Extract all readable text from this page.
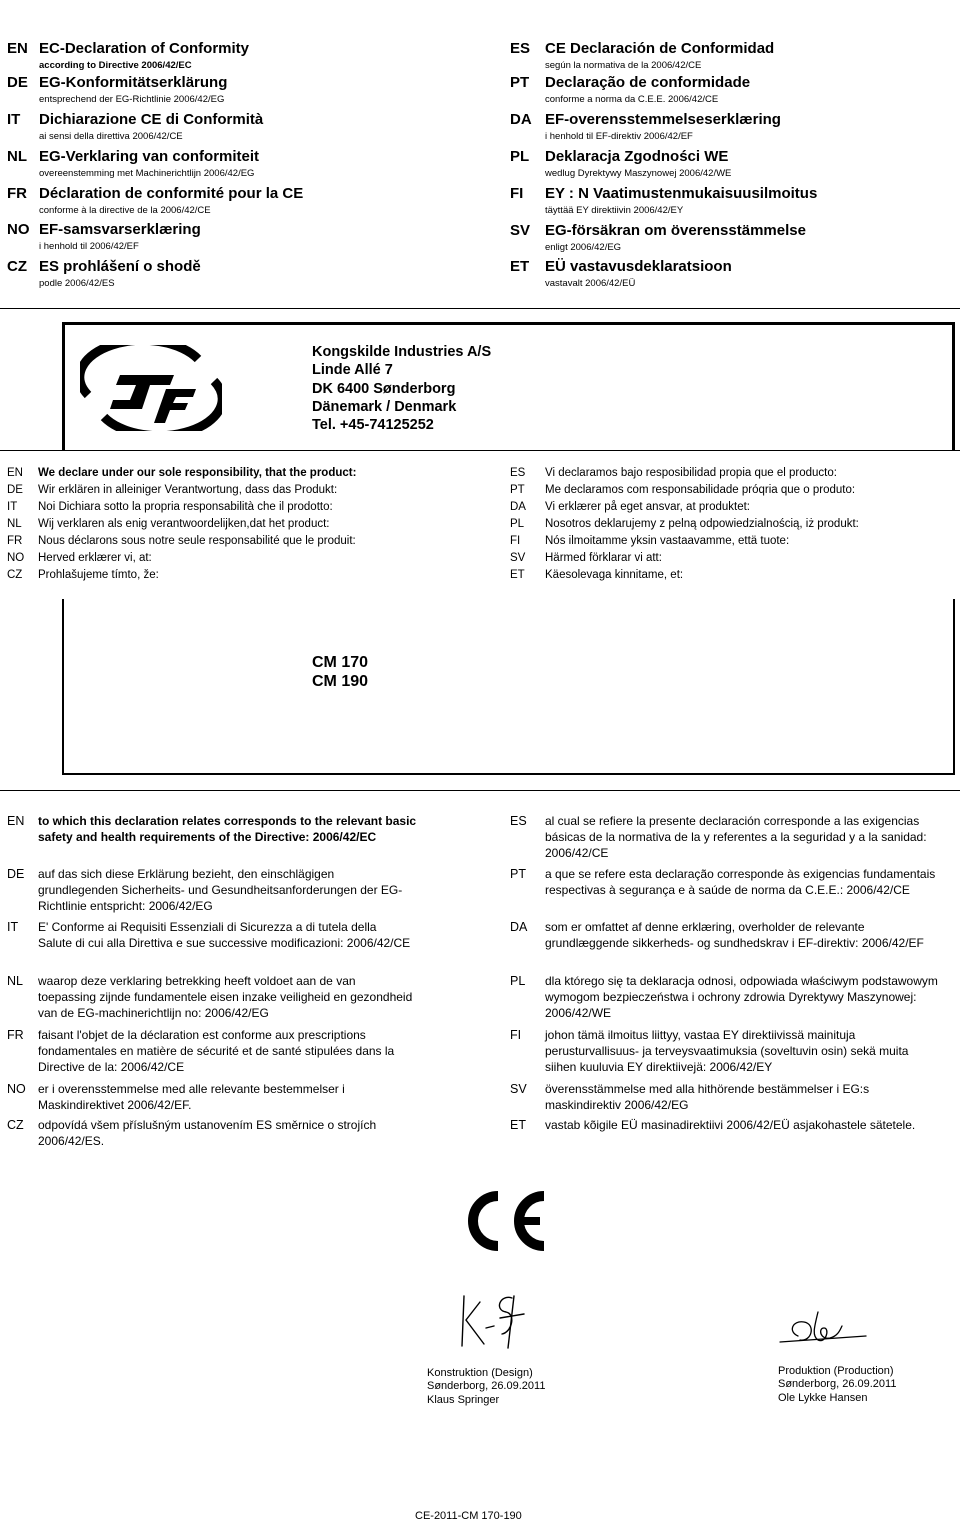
EN EC-Declaration of Conformity
according to Directive 2006/42/EC
DE EG-Konformitätserklärung
entsprechend der EG-Richtlinie 2006/42/EG
IT Dichiarazione CE di Conformità
ai sensi della direttiva 2006/42/CE
NL EG-Verklaring van conformiteit
overeenstemming met Machinerichtlijn 2006/42/EG
FR Déclaration de conformité pour la CE
conforme à la directive de la 2006/42/CE
NO EF-samsvarserklæring
i henhold til 2006/42/EF
CZ ES prohlášení o shodě
podle 2006/42/ES
ES CE Declaración de Conformidad
según la normativa de la 2006/42/CE
PT Declaração de conformidade
conforme a norma da C.E.E. 2006/42/CE
DA EF-overensstemmelseserklæring
i henhold til EF-direktiv 2006/42/EF
PL Deklaracja Zgodności WE
wedlug Dyrektywy Maszynowej 2006/42/WE
FI EY : N Vaatimustenmukaisuusilmoitus
täyttää EY direktiivin 2006/42/EY
SV EG-försäkran om överensstämmelse
enligt 2006/42/EG
ET EÜ vastavusdeklaratsioon
vastavalt 2006/42/EÜ
JF	Kongskilde Industries A/S
Linde Allé 7
DK 6400 Sønderborg
Dänemark / Denmark
Tel. +45-74125252
EN We declare under our sole responsibility, that the product:
DE Wir erklären in alleiniger Verantwortung, dass das Produkt:
IT Noi Dichiara sotto la propria responsabilità che il prodotto:
NL Wij verklaren als enig verantwoordelijken,dat het product:
FR Nous déclarons sous notre seule responsabilité que le produit:
NO Herved erklærer vi, at:
CZ Prohlašujeme tímto, že:
ES Vi declaramos bajo resposibilidad propia que el producto:
PT Me declaramos com responsabilidade próqria que o produto:
DA Vi erklærer på eget ansvar, at produktet:
PL Nosotros deklarujemy z pelną odpowiedzialnością, iż produkt:
FI Nós ilmoitamme yksin vastaavamme, että tuote:
SV Härmed förklarar vi att:
ET Käesolevaga kinnitame, et:
CM 170
CM 190
EN to which this declaration relates corresponds to the relevant basic
safety and health requirements of the Directive: 2006/42/EC
DE auf das sich diese Erklärung bezieht, den einschlägigen
grundlegenden Sicherheits- und Gesundheitsanforderungen der EG-
Richtlinie entspricht: 2006/42/EG
IT E' Conforme ai Requisiti Essenziali di Sicurezza a di tutela della
Salute di cui alla Direttiva e sue successive modificazioni: 2006/42/CE
NL waarop deze verklaring betrekking heeft voldoet aan de van
toepassing zijnde fundamentele eisen inzake veiligheid en gezondheid
van de EG-machinerichtlijn no: 2006/42/EG
FR faisant l'objet de la déclaration est conforme aux prescriptions
fondamentales en matière de sécurité et de santé stipulées dans la
Directive de la: 2006/42/CE
NO er i overensstemmelse med alle relevante bestemmelser i
Maskindirektivet 2006/42/EF.
CZ odpovídá všem příslušným ustanovením ES směrnice o strojích
2006/42/ES.
ES al cual se refiere la presente declaración corresponde a las exigencias
básicas de la normativa de la y referentes a la seguridad y a la sanidad:
2006/42/CE
PT a que se refere esta declaração corresponde às exigencias fundamentais
respectivas à segurança e à saúde de norma da C.E.E.: 2006/42/CE
DA som er omfattet af denne erklæring, overholder de relevante
grundlæggende sikkerheds- og sundhedskrav i EF-direktiv: 2006/42/EF
PL dla którego się ta deklaracja odnosi, odpowiada właściwym podstawowym
wymogom bezpieczeństwa i ochrony zdrowia Dyrektywy Maszynowej:
2006/42/WE
FI johon tämä ilmoitus liittyy, vastaa EY direktiivissä mainituja
perusturvallisuus- ja terveysvaatimuksia (soveltuvin osin) sekä muita
siihen kuuluvia EY direktiivejä: 2006/42/EY
SV överensstämmelse med alla hithörende bestämmelser i EG:s
maskindirektiv 2006/42/EG
ET vastab kõigile EÜ masinadirektiivi 2006/42/EÜ asjakohastele sätetele.
CE
Konstruktion (Design)
Sønderborg, 26.09.2011
Klaus Springer
Produktion (Production)
Sønderborg, 26.09.2011
Ole Lykke Hansen
CE-2011-CM 170-190
